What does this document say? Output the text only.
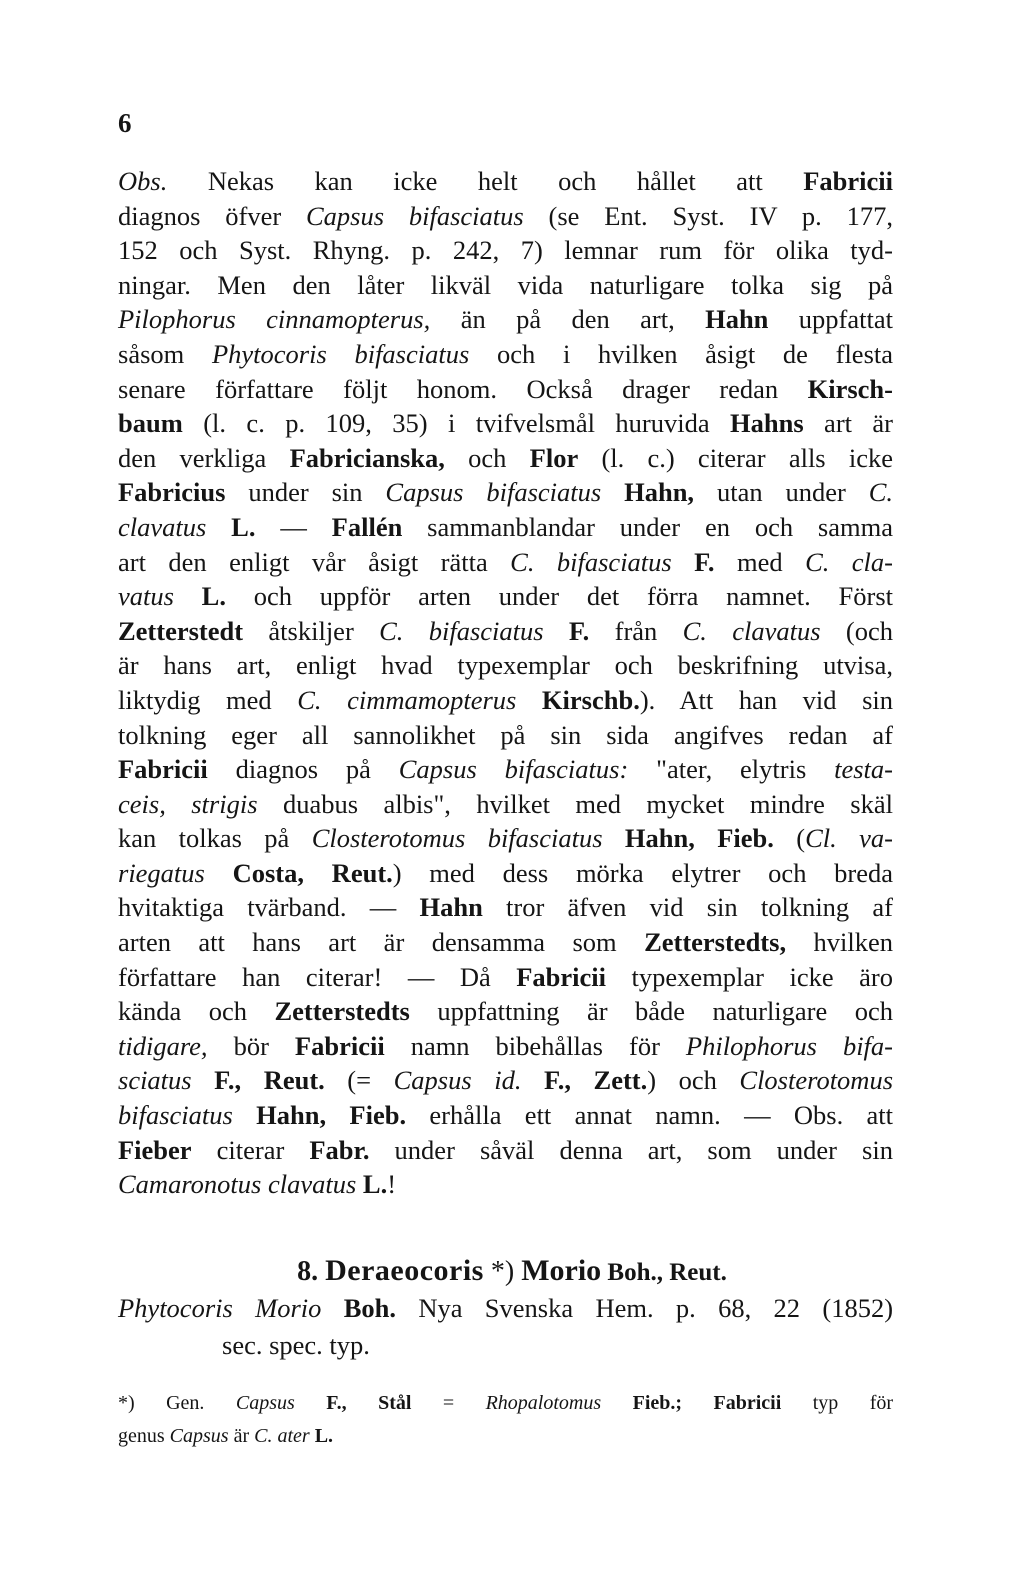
6
Obs. Nekas kan icke helt och hållet att Fabricii
diagnos öfver Capsus bifasciatus (se Ent. Syst. IV p. 177,
152 och Syst. Rhyng. p. 242, 7) lemnar rum för olika tyd-
ningar. Men den låter likväl vida naturligare tolka sig på
Pilophorus cinnamopterus, än på den art, Hahn uppfattat
såsom Phytocoris bifasciatus och i hvilken åsigt de flesta
senare författare följt honom. Också drager redan Kirsch-
baum (l. c. p. 109, 35) i tvifvelsmål huruvida Hahns art är
den verkliga Fabricianska, och Flor (l. c.) citerar alls icke
Fabricius under sin Capsus bifasciatus Hahn, utan under C.
clavatus L. — Fallén sammanblandar under en och samma
art den enligt vår åsigt rätta C. bifasciatus F. med C. cla-
vatus L. och uppför arten under det förra namnet. Först
Zetterstedt åtskiljer C. bifasciatus F. från C. clavatus (och
är hans art, enligt hvad typexemplar och beskrifning utvisa,
liktydig med C. cimmamopterus Kirschb.). Att han vid sin
tolkning eger all sannolikhet på sin sida angifves redan af
Fabricii diagnos på Capsus bifasciatus: "ater, elytris testa-
ceis, strigis duabus albis", hvilket med mycket mindre skäl
kan tolkas på Closterotomus bifasciatus Hahn, Fieb. (Cl. va-
riegatus Costa, Reut.) med dess mörka elytrer och breda
hvitaktiga tvärband. — Hahn tror äfven vid sin tolkning af
arten att hans art är densamma som Zetterstedts, hvilken
författare han citerar! — Då Fabricii typexemplar icke äro
kända och Zetterstedts uppfattning är både naturligare och
tidigare, bör Fabricii namn bibehållas för Philophorus bifa-
sciatus F., Reut. (= Capsus id. F., Zett.) och Closterotomus
bifasciatus Hahn, Fieb. erhålla ett annat namn. — Obs. att
Fieber citerar Fabr. under såväl denna art, som under sin
Camaronotus clavatus L.!
8. Deraeocoris *) Morio Boh., Reut.
Phytocoris Morio Boh. Nya Svenska Hem. p. 68, 22 (1852)
sec. spec. typ.
*) Gen. Capsus F., Stål = Rhopalotomus Fieb.; Fabricii typ för
genus Capsus är C. ater L.
